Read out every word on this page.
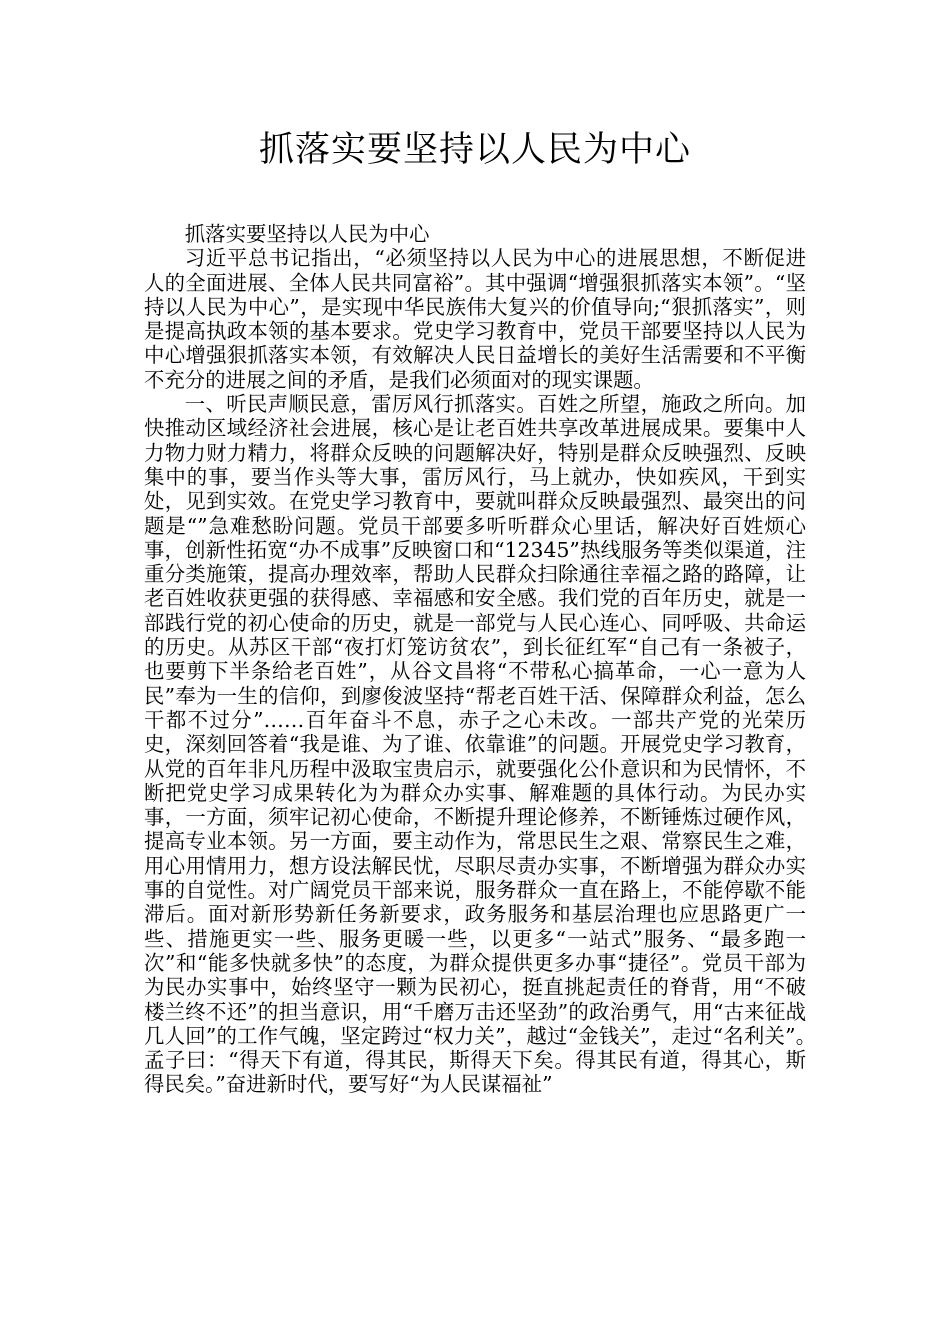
抓落实要坚持以人民为中心

抓落实要坚持以人民为中心

习近平总书记指出，“必须坚持以人民为中心的进展思想，不断促进人的全面进展、全体人民共同富裕”。其中强调“增强狠抓落实本领”。“坚持以人民为中心”，是实现中华民族伟大复兴的价值导向;“狠抓落实”，则是提高执政本领的基本要求。党史学习教育中，党员干部要坚持以人民为中心增强狠抓落实本领，有效解决人民日益增长的美好生活需要和不平衡不充分的进展之间的矛盾，是我们必须面对的现实课题。

一、听民声顺民意，雷厉风行抓落实。百姓之所望，施政之所向。加快推动区域经济社会进展，核心是让老百姓共享改革进展成果。要集中人力物力财力精力，将群众反映的问题解决好，特别是群众反映强烈、反映集中的事，要当作头等大事，雷厉风行，马上就办，快如疾风，干到实处，见到实效。在党史学习教育中，要就叫群众反映最强烈、最突出的问题是“”急难愁盼问题。党员干部要多听听群众心里话，解决好百姓烦心事，创新性拓宽“办不成事”反映窗口和“12345”热线服务等类似渠道，注重分类施策，提高办理效率，帮助人民群众扫除通往幸福之路的路障，让老百姓收获更强的获得感、幸福感和安全感。我们党的百年历史，就是一部践行党的初心使命的历史，就是一部党与人民心连心、同呼吸、共命运的历史。从苏区干部“夜打灯笼访贫农”，到长征红军“自己有一条被子，也要剪下半条给老百姓”，从谷文昌将“不带私心搞革命，一心一意为人民”奉为一生的信仰，到廖俊波坚持“帮老百姓干活、保障群众利益，怎么干都不过分”……百年奋斗不息，赤子之心未改。一部共产党的光荣历史，深刻回答着“我是谁、为了谁、依靠谁”的问题。开展党史学习教育，从党的百年非凡历程中汲取宝贵启示，就要强化公仆意识和为民情怀，不断把党史学习成果转化为为群众办实事、解难题的具体行动。为民办实事，一方面，须牢记初心使命，不断提升理论修养，不断锤炼过硬作风，提高专业本领。另一方面，要主动作为，常思民生之艰、常察民生之难，用心用情用力，想方设法解民忧，尽职尽责办实事，不断增强为群众办实事的自觉性。对广阔党员干部来说，服务群众一直在路上，不能停歇不能滞后。面对新形势新任务新要求，政务服务和基层治理也应思路更广一些、措施更实一些、服务更暖一些，以更多“一站式”服务、“最多跑一次”和“能多快就多快”的态度，为群众提供更多办事“捷径”。党员干部为为民办实事中，始终坚守一颗为民初心，挺直挑起责任的脊背，用“不破楼兰终不还”的担当意识，用“千磨万击还坚劲”的政治勇气，用“古来征战几人回”的工作气魄，坚定跨过“权力关”，越过“金钱关”，走过“名利关”。　孟子曰：“得天下有道，得其民，斯得天下矣。得其民有道，得其心，斯得民矣。”奋进新时代，要写好“为人民谋福祉”
